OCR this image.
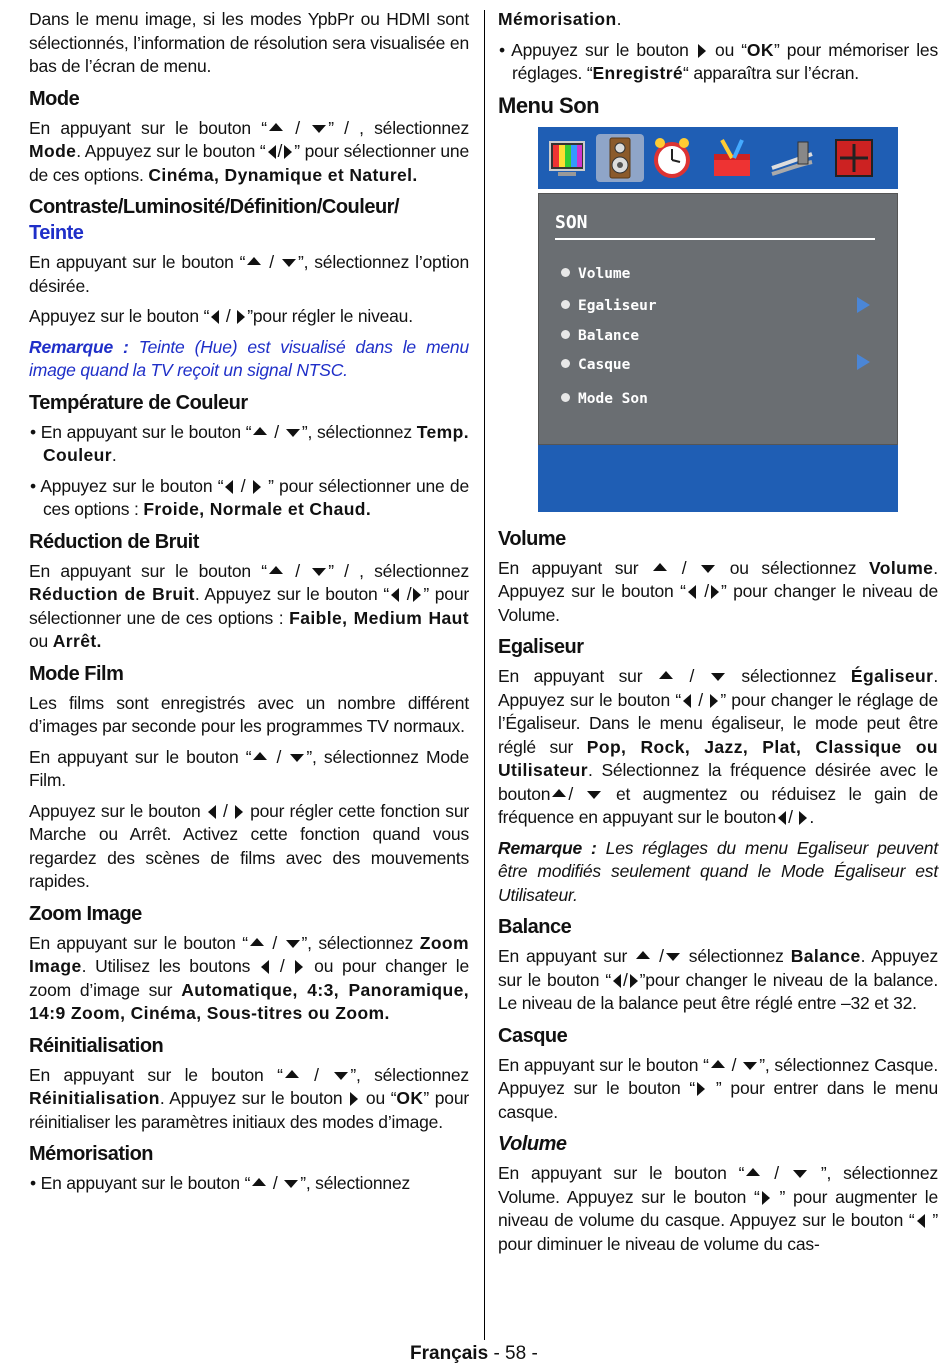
Dans le menu image, si les modes YpbPr ou HDMI sont sélectionnés, l’information de résolution sera visualisée en bas de l’écran de menu.

Mode

En appuyant sur le bouton “ / ” / , sélectionnez Mode. Appuyez sur le bouton “ / ” pour sélectionner une de ces options. Cinéma, Dynamique et Naturel.

Contraste/Luminosité/Définition/Couleur/
Teinte

En appuyant sur le bouton “ / ”, sélectionnez l’option désirée.

Appuyez sur le bouton “ / ”pour régler le niveau.

Remarque : Teinte (Hue) est visualisé dans le menu image quand la TV reçoit un signal NTSC.

Température de Couleur

• En appuyant sur le bouton “ / ”, sélectionnez Temp. Couleur.

• Appuyez sur le bouton “ /  ” pour sélectionner une de ces options : Froide, Normale et Chaud.

Réduction de Bruit

En appuyant sur le bouton “ / ” / , sélectionnez Réduction de Bruit. Appuyez sur le bouton “ / ” pour sélectionner une de ces options : Faible, Medium Haut ou Arrêt.

Mode Film

Les films sont enregistrés avec un nombre différent d’images par seconde pour les programmes TV normaux.

En appuyant sur le bouton “ / ”, sélectionnez Mode Film.

Appuyez sur le bouton  /  pour régler cette fonction sur Marche ou Arrêt. Activez cette fonction quand vous regardez des scènes de films avec des mouvements rapides.

Zoom Image

En appuyant sur le bouton “ / ”, sélectionnez Zoom Image. Utilisez les boutons  /  ou pour changer le zoom d’image sur Automatique, 4:3, Panoramique, 14:9 Zoom, Cinéma, Sous-titres ou Zoom.

Réinitialisation

En appuyant sur le bouton “ / ”, sélectionnez Réinitialisation. Appuyez sur le bouton ou “OK” pour réinitialiser les paramètres initiaux des modes d’image.

Mémorisation

• En appuyant sur le bouton “ / ”, sélectionnez

Mémorisation.

• Appuyez sur le bouton ou “OK” pour mémoriser les réglages. “Enregistré“ apparaîtra sur l’écran.

Menu Son
SON
Volume
Egaliseur
Balance
Casque
Mode Son
Volume

En appuyant sur  /  ou sélectionnez Volume. Appuyez sur le bouton “ / ” pour changer le niveau de Volume.

Egaliseur

En appuyant sur  /  sélectionnez Égaliseur. Appuyez sur le bouton “ / ” pour changer le réglage de l’Égaliseur. Dans le menu égaliseur, le mode peut être réglé sur Pop, Rock, Jazz, Plat, Classique ou Utilisateur. Sélectionnez la fréquence désirée avec le bouton /  et augmentez ou réduisez le gain de fréquence en appuyant sur le bouton / .

Remarque : Les réglages du menu Egaliseur peuvent être modifiés seulement quand le Mode Égaliseur est Utilisateur.

Balance

En appuyant sur  / sélectionnez Balance. Appuyez sur le bouton “ / ”pour changer le niveau de la balance. Le niveau de la balance peut être réglé entre –32 et 32.

Casque

En appuyant sur le bouton “ / ”, sélectionnez Casque. Appuyez sur le bouton “ ” pour entrer dans le menu casque.

Volume

En appuyant sur le bouton “ /  ”, sélectionnez Volume. Appuyez sur le bouton “ ” pour augmenter le niveau de volume du casque. Appuyez sur le bouton “ ” pour diminuer le niveau de volume du cas-

Français - 58 -
